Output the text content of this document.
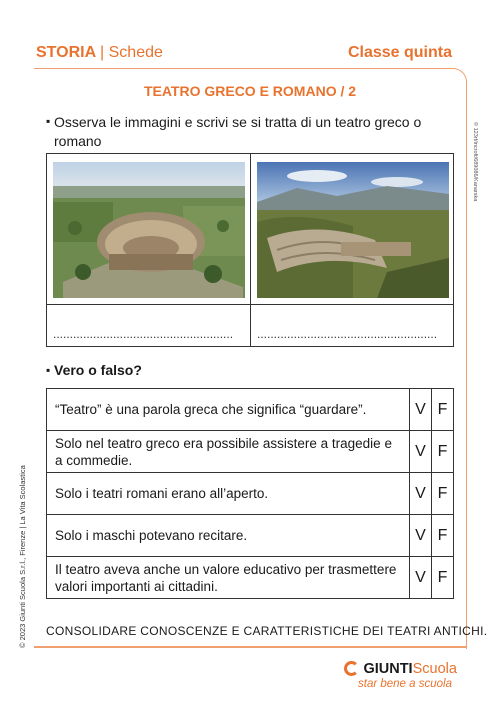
STORIA | Schede	Classe quinta
TEATRO GRECO E ROMANO / 2
▪ Osserva le immagini e scrivi se si tratta di un teatro greco o romano
...................................................... ......................................................
▪ Vero o falso?
“Teatro” è una parola greca che significa “guardare”.	V	F
Solo nel teatro greco era possibile assistere a tragedie e a commedie.	V	F
Solo i teatri romani erano all’aperto.	V	F
Solo i maschi potevano recitare.	V	F
Il teatro aveva anche un valore educativo per trasmettere valori importanti ai cittadini.	V	F
CONSOLIDARE CONOSCENZE E CARATTERISTICHE DEI TEATRI ANTICHI.
© 2023 Giunti Scuola S.r.l., Firenze | La Vita Scolastica
© 123rf/incroft/689086/Kanarska
GIUNTIScuola
star bene a scuola
